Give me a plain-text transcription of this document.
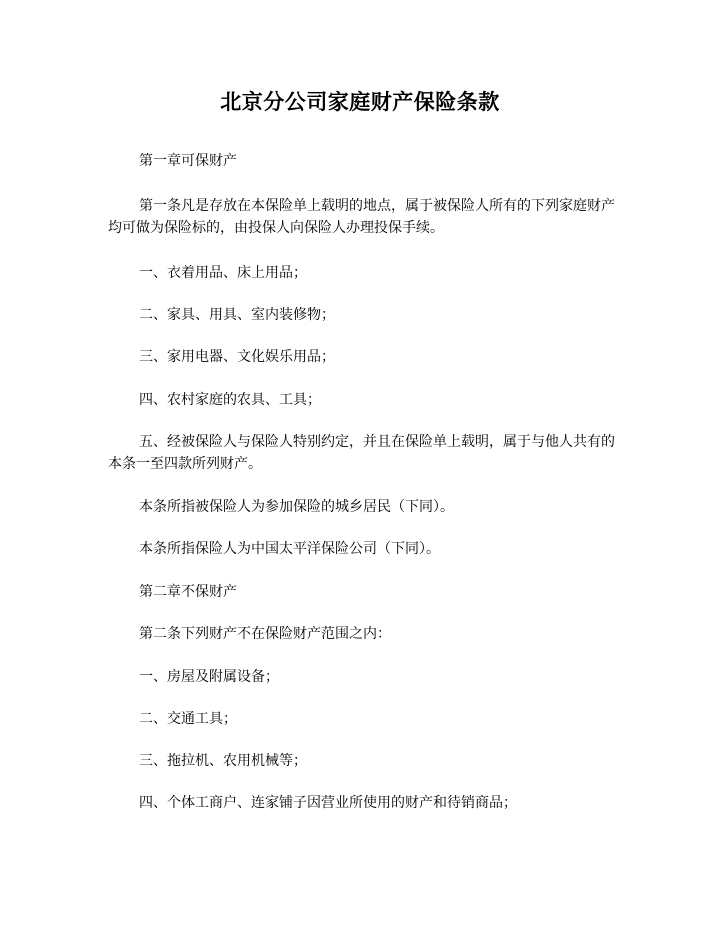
北京分公司家庭财产保险条款
第一章可保财产
第一条凡是存放在本保险单上载明的地点，属于被保险人所有的下列家庭财产均可做为保险标的，由投保人向保险人办理投保手续。
一、衣着用品、床上用品；
二、家具、用具、室内装修物；
三、家用电器、文化娱乐用品；
四、农村家庭的农具、工具；
五、经被保险人与保险人特别约定，并且在保险单上载明，属于与他人共有的本条一至四款所列财产。
本条所指被保险人为参加保险的城乡居民（下同）。
本条所指保险人为中国太平洋保险公司（下同）。
第二章不保财产
第二条下列财产不在保险财产范围之内：
一、房屋及附属设备；
二、交通工具；
三、拖拉机、农用机械等；
四、个体工商户、连家铺子因营业所使用的财产和待销商品；
